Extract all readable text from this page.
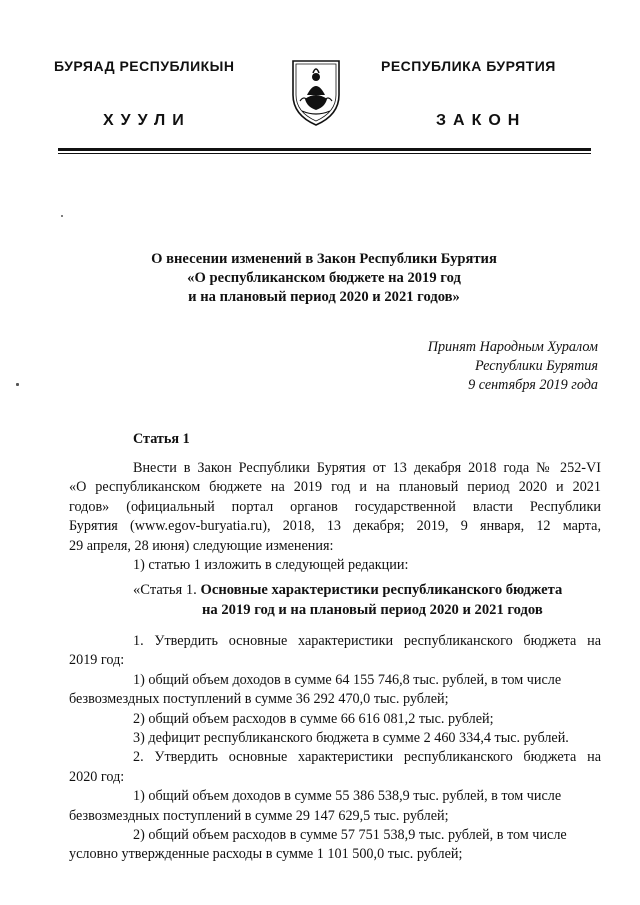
БУРЯАД РЕСПУБЛИКЫН	РЕСПУБЛИКА БУРЯТИЯ
ХУУЛИ	ЗАКОН
О внесении изменений в Закон Республики Бурятия
«О республиканском бюджете на 2019 год
и на плановый период 2020 и 2021 годов»
Принят Народным Хуралом
Республики Бурятия
9 сентября 2019 года
Статья 1
Внести в Закон Республики Бурятия от 13 декабря 2018 года № 252-VI
«О республиканском бюджете на 2019 год и на плановый период 2020 и 2021
годов» (официальный портал органов государственной власти Республики
Бурятия (www.egov-buryatia.ru), 2018, 13 декабря; 2019, 9 января, 12 марта,
29 апреля, 28 июня) следующие изменения:
1) статью 1 изложить в следующей редакции:
«Статья 1. Основные характеристики республиканского бюджета
на 2019 год и на плановый период 2020 и 2021 годов
1. Утвердить основные характеристики республиканского бюджета на
2019 год:
1) общий объем доходов в сумме 64 155 746,8 тыс. рублей, в том числе
безвозмездных поступлений в сумме 36 292 470,0 тыс. рублей;
2) общий объем расходов в сумме 66 616 081,2 тыс. рублей;
3) дефицит республиканского бюджета в сумме 2 460 334,4 тыс. рублей.
2. Утвердить основные характеристики республиканского бюджета на
2020 год:
1) общий объем доходов в сумме 55 386 538,9 тыс. рублей, в том числе
безвозмездных поступлений в сумме 29 147 629,5 тыс. рублей;
2) общий объем расходов в сумме 57 751 538,9 тыс. рублей, в том числе
условно утвержденные расходы в сумме 1 101 500,0 тыс. рублей;
